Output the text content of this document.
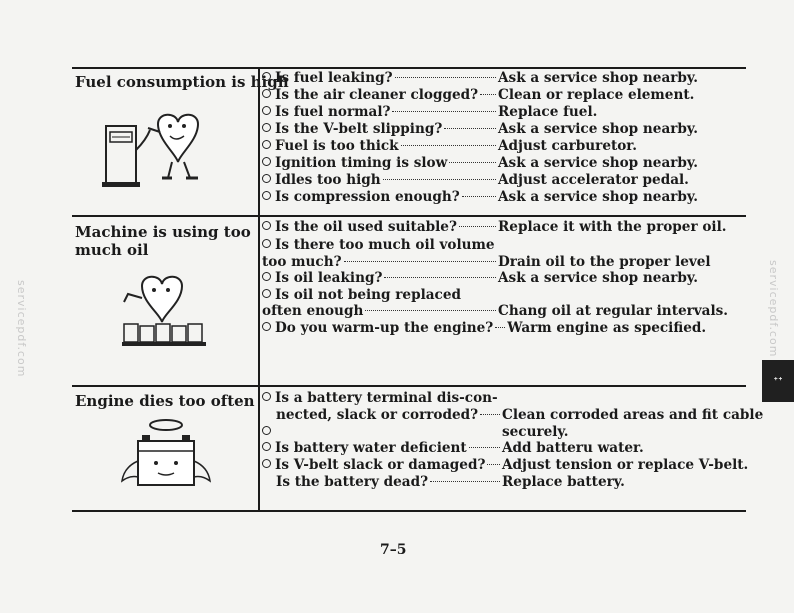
Fuel consumption is high
Is fuel leaking?	Ask a service shop nearby.
Is the air cleaner clogged? Clean or replace element.
Is fuel normal?	Replace fuel.
Is the V-belt slipping?	Ask a service shop nearby.
Fuel is too thick	Adjust carburetor.
Ignition timing is slow	Ask a service shop nearby.
Idles too high	Adjust accelerator pedal.
Is compression enough?	Ask a service shop nearby.
Machine is using too much oil
Is the oil used suitable?	Replace it with the proper oil.
Is there too much oil volume
too much?	Drain oil to the proper level
Is oil leaking?	Ask a service shop nearby.
Is oil not being replaced
often enough	Chang oil at regular intervals.
Do you warm-up the engine? Warm engine as specified.
Engine dies too often	Is a battery terminal dis-con-
nected, slack or corroded? Clean corroded areas and fit cable
securely.
Is battery water deficient	Add batteru water.
Is V-belt slack or damaged? Adjust tension or replace V-belt.
Is the battery dead?	Replace battery.
7–5
ᕀᐩ
servicepdf.com
servicepdf.com
